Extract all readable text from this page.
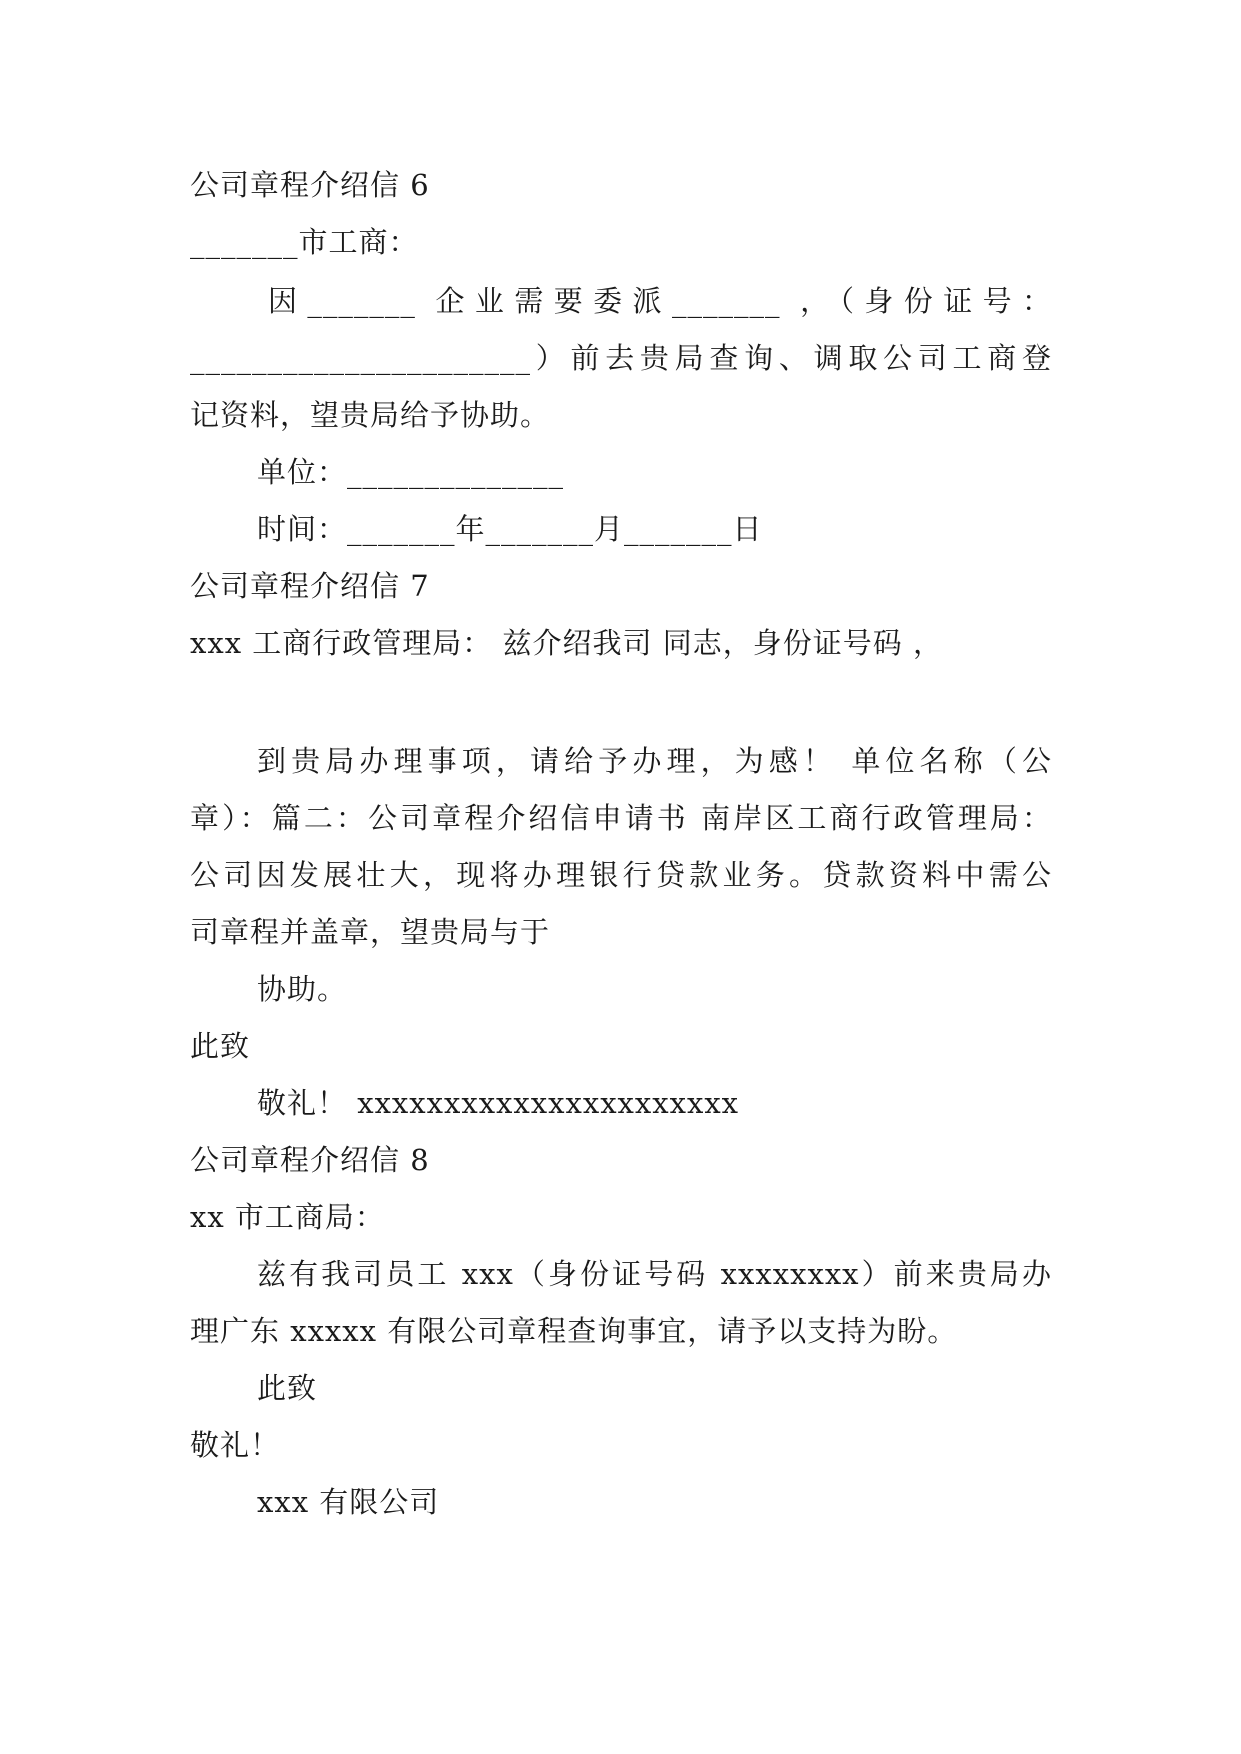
公司章程介绍信 6
_______市工商：
因_______ 企业需要委派_______ ，（身份证号：
______________________）前去贵局查询、调取公司工商登
记资料，望贵局给予协助。
单位：______________
时间：_______年_______月_______日
公司章程介绍信 7
xxx 工商行政管理局： 兹介绍我司 同志，身份证号码 ，
到贵局办理事项，请给予办理，为感！ 单位名称（公
章）：篇二：公司章程介绍信申请书 南岸区工商行政管理局：
公司因发展壮大，现将办理银行贷款业务。贷款资料中需公
司章程并盖章，望贵局与于
协助。
此致
敬礼！ xxxxxxxxxxxxxxxxxxxxxx
公司章程介绍信 8
xx 市工商局：
兹有我司员工 xxx（身份证号码 xxxxxxxx）前来贵局办
理广东 xxxxx 有限公司章程查询事宜，请予以支持为盼。
此致
敬礼！
xxx 有限公司
